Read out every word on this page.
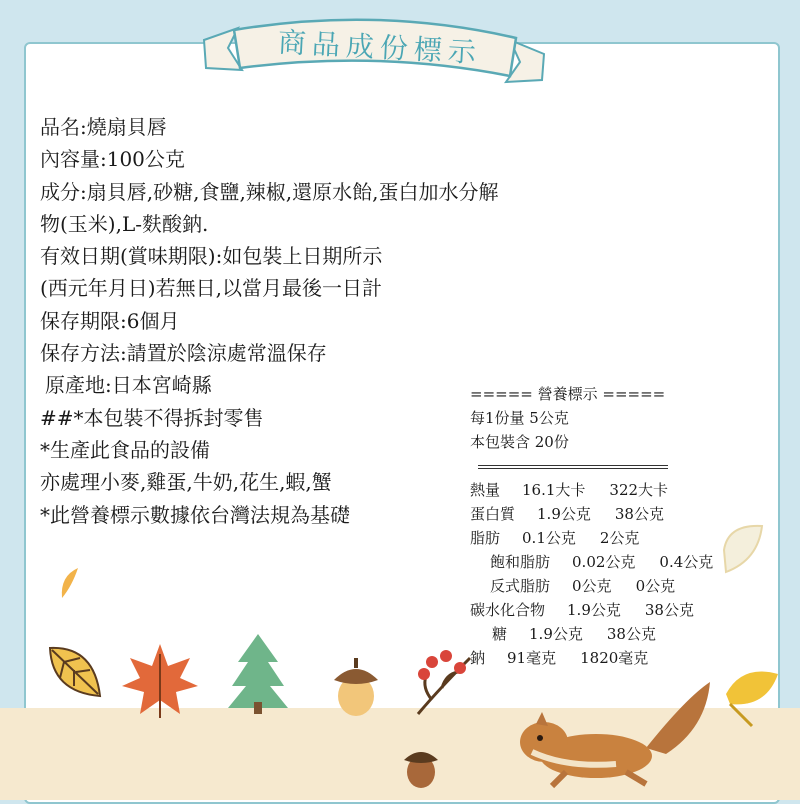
商品成份標示
品名:燒扇貝唇
內容量:100公克
成分:扇貝唇,砂糖,食鹽,辣椒,還原水飴,蛋白加水分解
物(玉米),L-麩酸鈉.
有效日期(賞味期限):如包裝上日期所示
(西元年月日)若無日,以當月最後一日計
保存期限:6個月
保存方法:請置於陰涼處常溫保存
原產地:日本宮崎縣
##*本包裝不得拆封零售
*生產此食品的設備
亦處理小麥,雞蛋,牛奶,花生,蝦,蟹
*此營養標示數據依台灣法規為基礎
===== 營養標示 =====
每1份量 5公克
本包裝含 20份
熱量 16.1大卡 322大卡
蛋白質 1.9公克 38公克
脂肪 0.1公克 2公克
飽和脂肪 0.02公克 0.4公克
反式脂肪 0公克 0公克
碳水化合物 1.9公克 38公克
糖 1.9公克 38公克
鈉 91毫克 1820毫克
